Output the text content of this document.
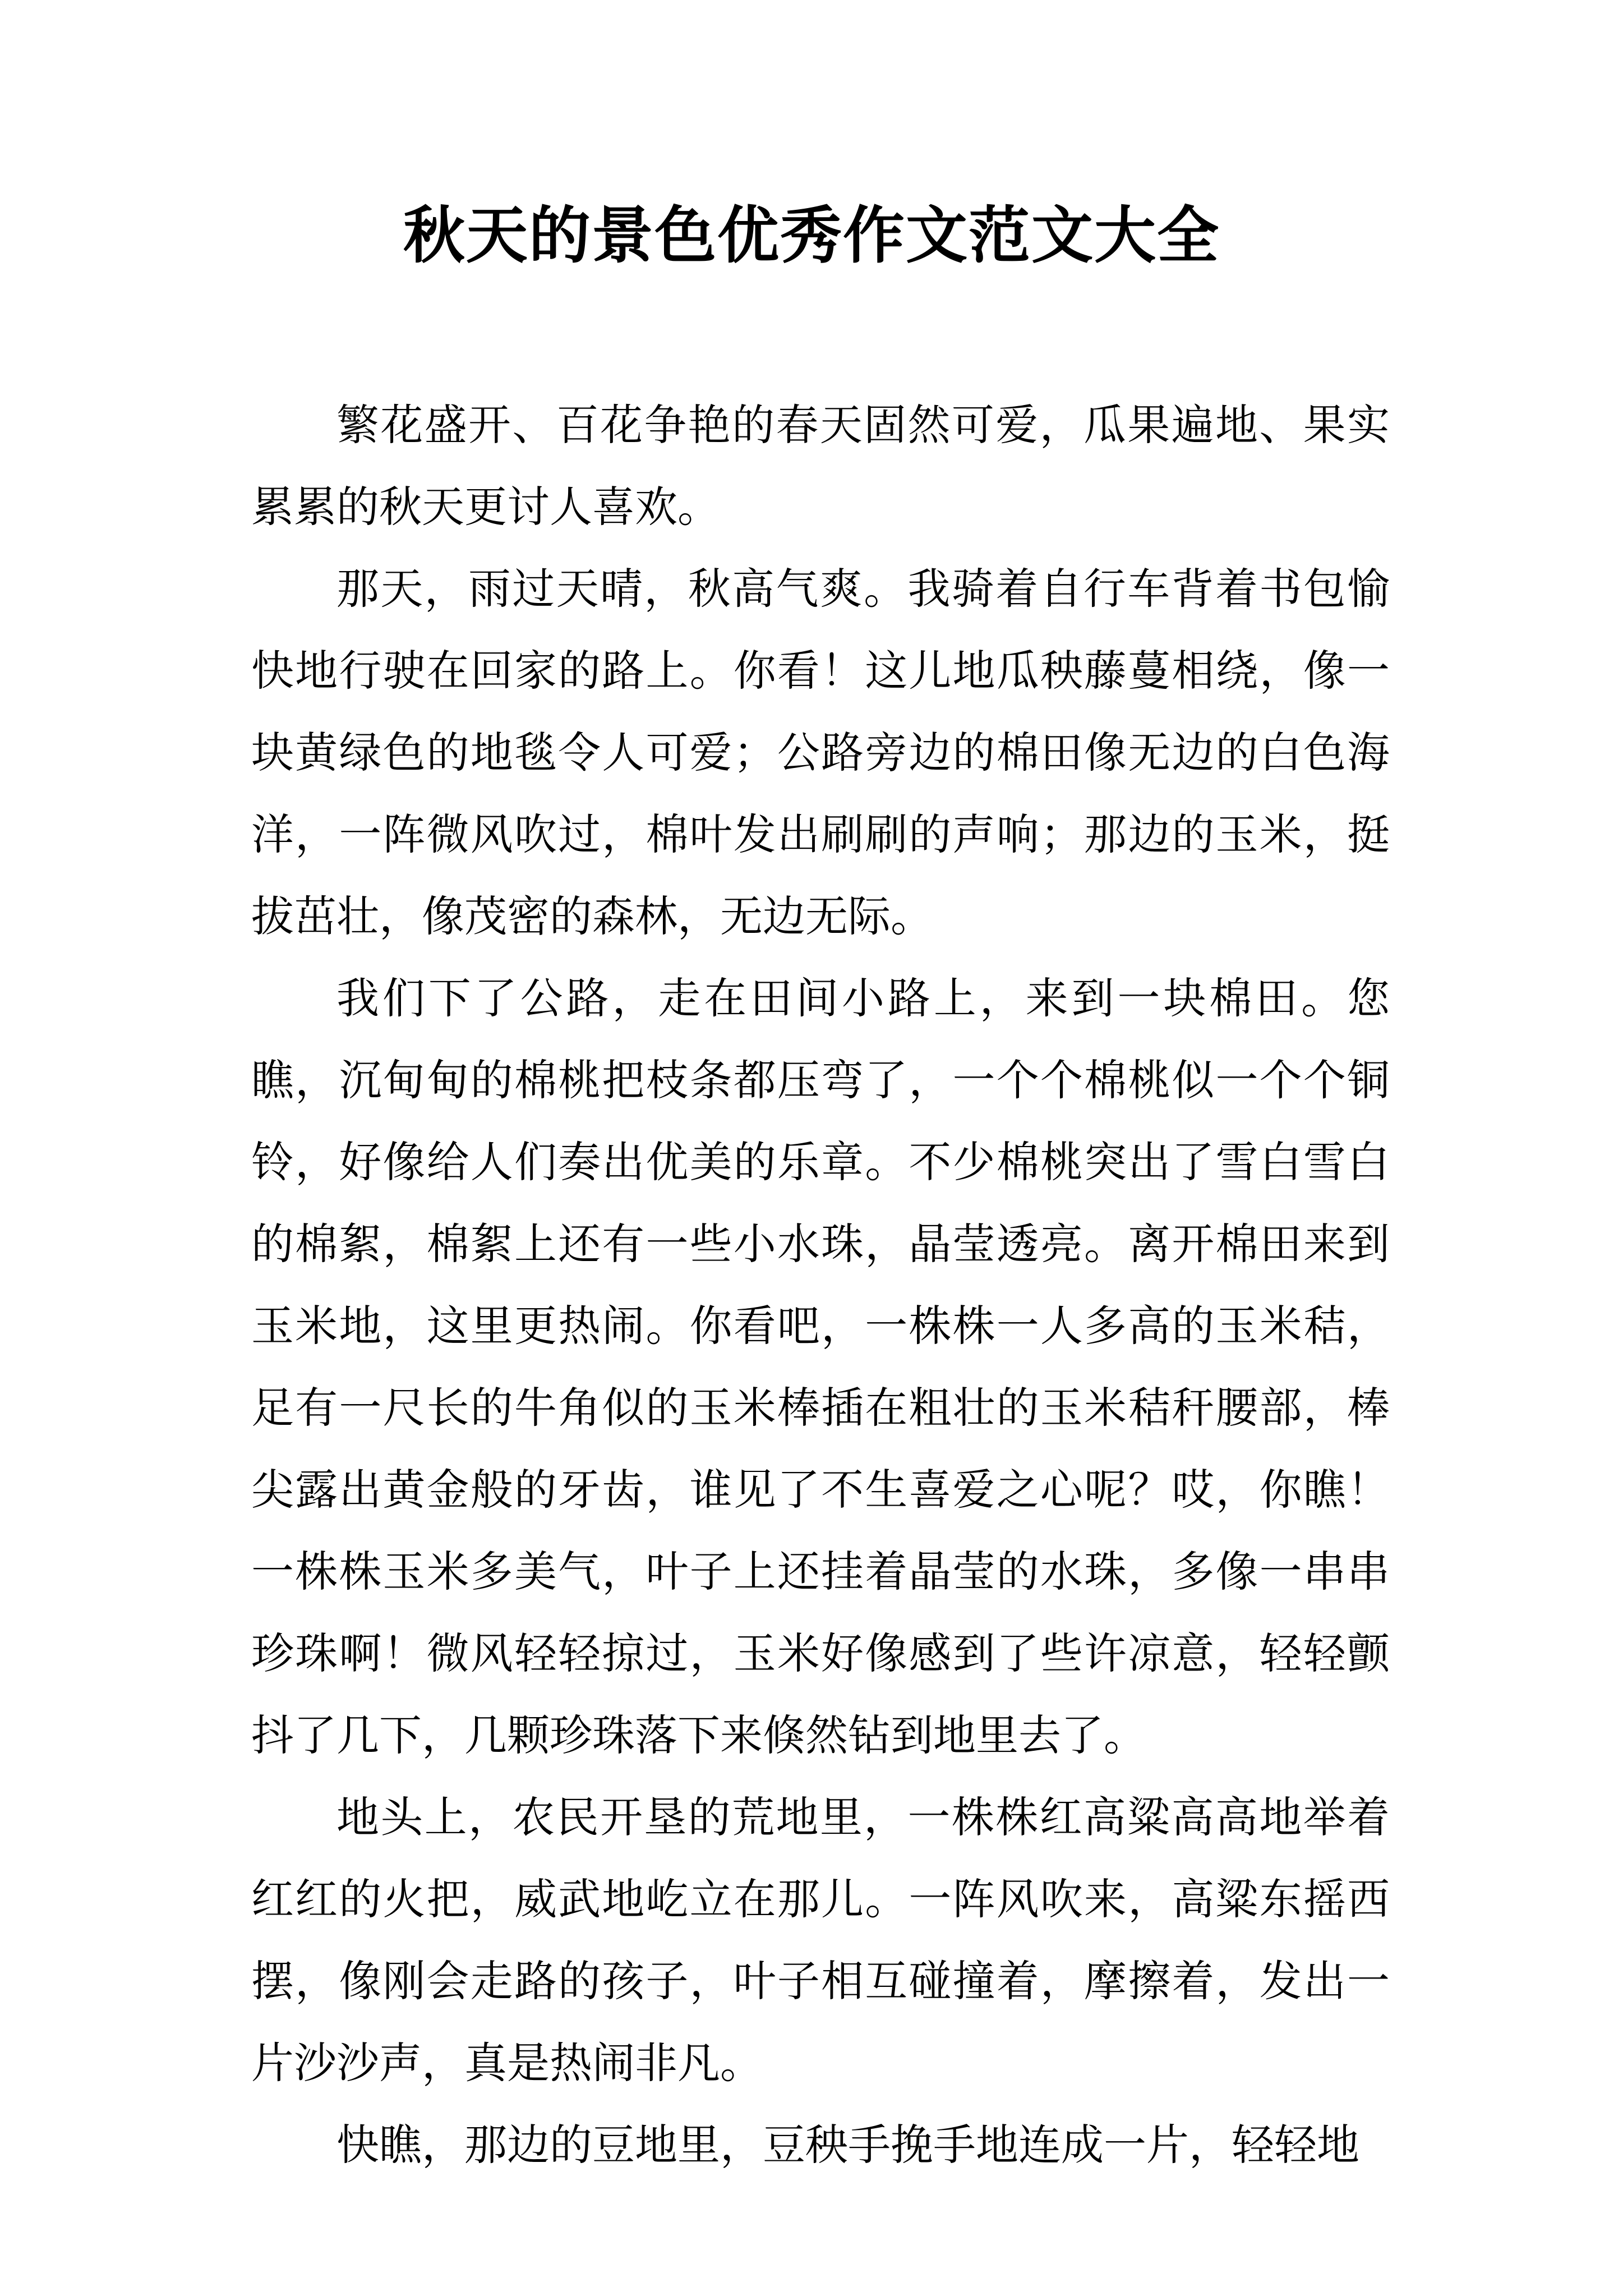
秋天的景色优秀作文范文大全

繁花盛开、百花争艳的春天固然可爱，瓜果遍地、果实累累的秋天更讨人喜欢。

那天，雨过天晴，秋高气爽。我骑着自行车背着书包愉快地行驶在回家的路上。你看！这儿地瓜秧藤蔓相绕，像一块黄绿色的地毯令人可爱；公路旁边的棉田像无边的白色海洋，一阵微风吹过，棉叶发出刷刷的声响；那边的玉米，挺拔茁壮，像茂密的森林，无边无际。

我们下了公路，走在田间小路上，来到一块棉田。您瞧，沉甸甸的棉桃把枝条都压弯了，一个个棉桃似一个个铜铃，好像给人们奏出优美的乐章。不少棉桃突出了雪白雪白的棉絮，棉絮上还有一些小水珠，晶莹透亮。离开棉田来到玉米地，这里更热闹。你看吧，一株株一人多高的玉米秸，足有一尺长的牛角似的玉米棒插在粗壮的玉米秸秆腰部，棒尖露出黄金般的牙齿，谁见了不生喜爱之心呢？哎，你瞧！一株株玉米多美气，叶子上还挂着晶莹的水珠，多像一串串珍珠啊！微风轻轻掠过，玉米好像感到了些许凉意，轻轻颤抖了几下，几颗珍珠落下来倏然钻到地里去了。

地头上，农民开垦的荒地里，一株株红高粱高高地举着红红的火把，威武地屹立在那儿。一阵风吹来，高粱东摇西摆，像刚会走路的孩子，叶子相互碰撞着，摩擦着，发出一片沙沙声，真是热闹非凡。

快瞧，那边的豆地里，豆秧手挽手地连成一片，轻轻地
